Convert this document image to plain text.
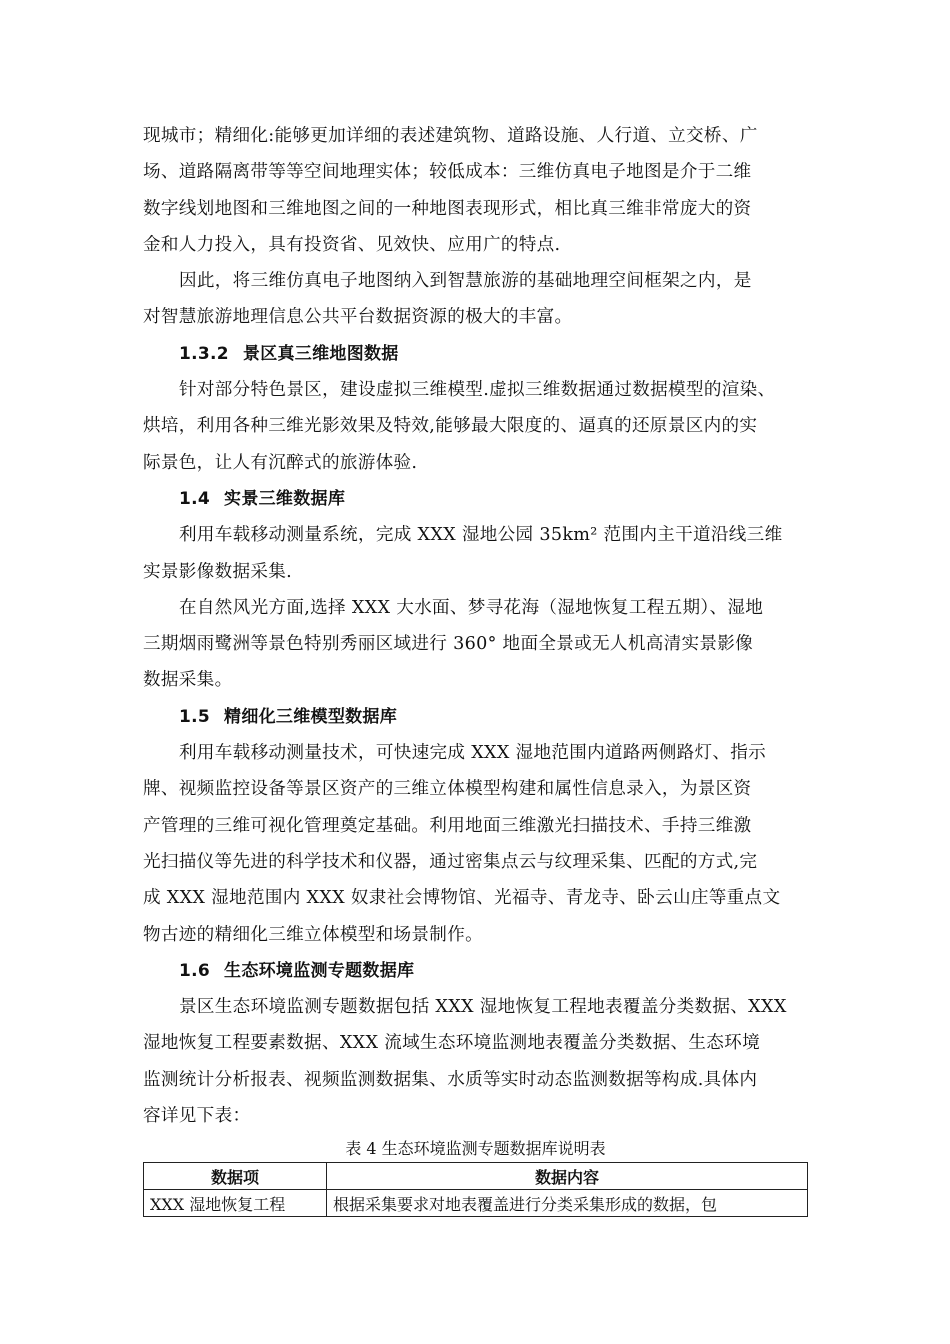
现城市；精细化:能够更加详细的表述建筑物、道路设施、人行道、立交桥、广
场、道路隔离带等等空间地理实体；较低成本：三维仿真电子地图是介于二维
数字线划地图和三维地图之间的一种地图表现形式，相比真三维非常庞大的资
金和人力投入，具有投资省、见效快、应用广的特点.
因此，将三维仿真电子地图纳入到智慧旅游的基础地理空间框架之内，是
对智慧旅游地理信息公共平台数据资源的极大的丰富。
1.3.2 景区真三维地图数据
针对部分特色景区，建设虚拟三维模型.虚拟三维数据通过数据模型的渲染、
烘培，利用各种三维光影效果及特效,能够最大限度的、逼真的还原景区内的实
际景色，让人有沉醉式的旅游体验.
1.4 实景三维数据库
利用车载移动测量系统，完成 XXX 湿地公园 35km² 范围内主干道沿线三维
实景影像数据采集.
在自然风光方面,选择 XXX 大水面、梦寻花海（湿地恢复工程五期）、湿地
三期烟雨鹭洲等景色特别秀丽区域进行 360° 地面全景或无人机高清实景影像
数据采集。
1.5 精细化三维模型数据库
利用车载移动测量技术，可快速完成 XXX 湿地范围内道路两侧路灯、指示
牌、视频监控设备等景区资产的三维立体模型构建和属性信息录入，为景区资
产管理的三维可视化管理奠定基础。利用地面三维激光扫描技术、手持三维激
光扫描仪等先进的科学技术和仪器，通过密集点云与纹理采集、匹配的方式,完
成 XXX 湿地范围内 XXX 奴隶社会博物馆、光福寺、青龙寺、卧云山庄等重点文
物古迹的精细化三维立体模型和场景制作。
1.6 生态环境监测专题数据库
景区生态环境监测专题数据包括 XXX 湿地恢复工程地表覆盖分类数据、XXX
湿地恢复工程要素数据、XXX 流域生态环境监测地表覆盖分类数据、生态环境
监测统计分析报表、视频监测数据集、水质等实时动态监测数据等构成.具体内
容详见下表：
表 4 生态环境监测专题数据库说明表
数据项	数据内容
XXX 湿地恢复工程	根据采集要求对地表覆盖进行分类采集形成的数据，包
